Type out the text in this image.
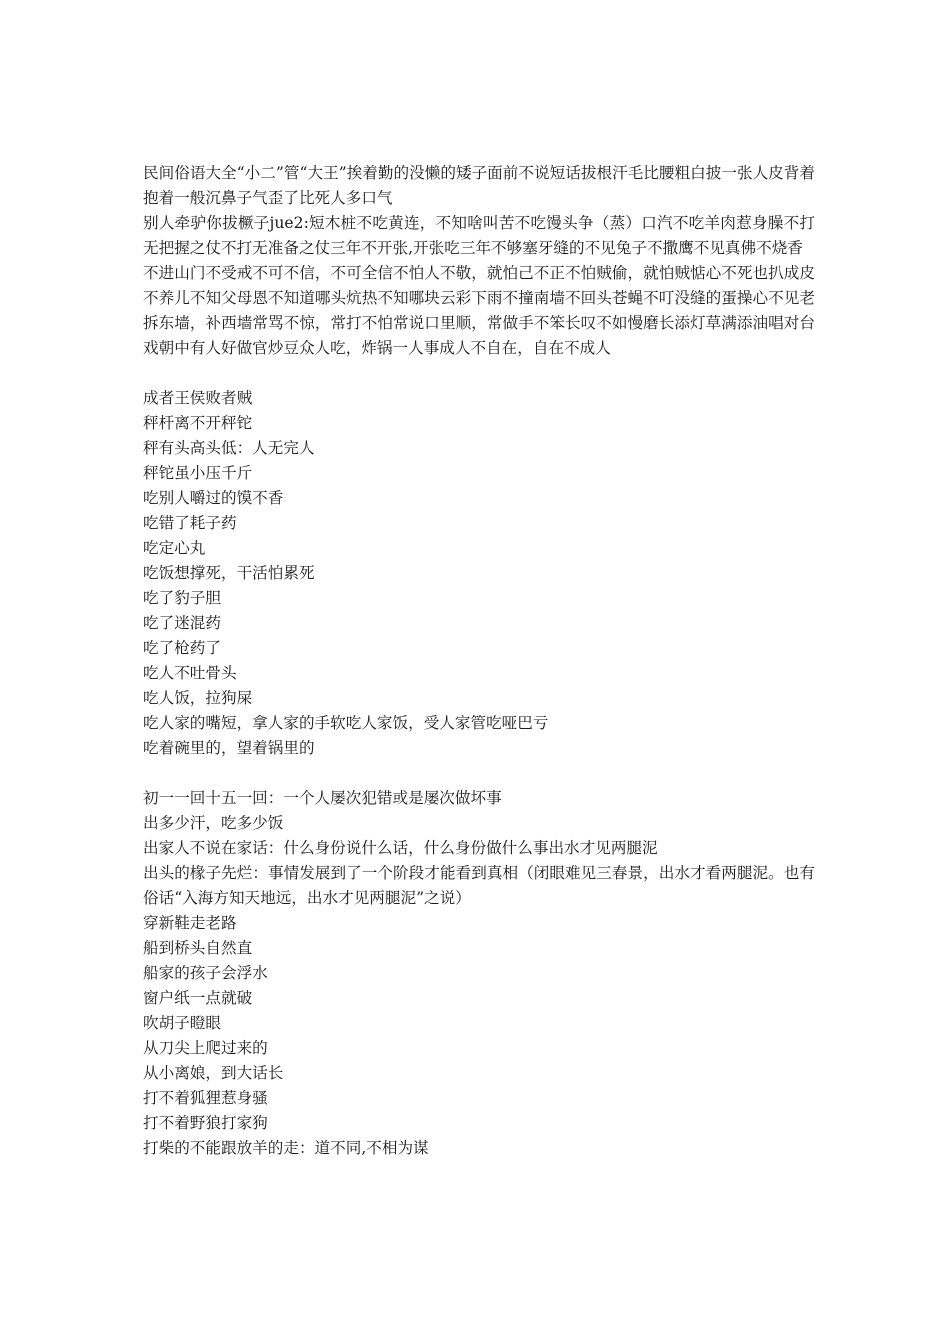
民间俗语大全“小二”管“大王”挨着勤的没懒的矮子面前不说短话拔根汗毛比腰粗白披一张人皮背着抱着一般沉鼻子气歪了比死人多口气

别人牵驴你拔橛子jue2:短木桩不吃黄连，不知啥叫苦不吃馒头争（蒸）口汽不吃羊肉惹身臊不打无把握之仗不打无准备之仗三年不开张,开张吃三年不够塞牙缝的不见兔子不撒鹰不见真佛不烧香

不进山门不受戒不可不信，不可全信不怕人不敬，就怕己不正不怕贼偷，就怕贼惦心不死也扒成皮不养儿不知父母恩不知道哪头炕热不知哪块云彩下雨不撞南墙不回头苍蝇不叮没缝的蛋操心不见老拆东墙，补西墙常骂不惊，常打不怕常说口里顺，常做手不笨长叹不如慢磨长添灯草满添油唱对台戏朝中有人好做官炒豆众人吃，炸锅一人事成人不自在，自在不成人

成者王侯败者贼

秤杆离不开秤铊

秤有头高头低：人无完人

秤铊虽小压千斤

吃别人嚼过的馍不香

吃错了耗子药

吃定心丸

吃饭想撑死，干活怕累死

吃了豹子胆

吃了迷混药

吃了枪药了

吃人不吐骨头

吃人饭，拉狗屎

吃人家的嘴短，拿人家的手软吃人家饭，受人家管吃哑巴亏

吃着碗里的，望着锅里的

初一一回十五一回：一个人屡次犯错或是屡次做坏事

出多少汗，吃多少饭

出家人不说在家话：什么身份说什么话，什么身份做什么事出水才见两腿泥

出头的椽子先烂：事情发展到了一个阶段才能看到真相（闭眼难见三春景，出水才看两腿泥。也有俗话“入海方知天地远，出水才见两腿泥”之说）

穿新鞋走老路

船到桥头自然直

船家的孩子会浮水

窗户纸一点就破

吹胡子瞪眼

从刀尖上爬过来的

从小离娘，到大话长

打不着狐狸惹身骚

打不着野狼打家狗

打柴的不能跟放羊的走：道不同,不相为谋
